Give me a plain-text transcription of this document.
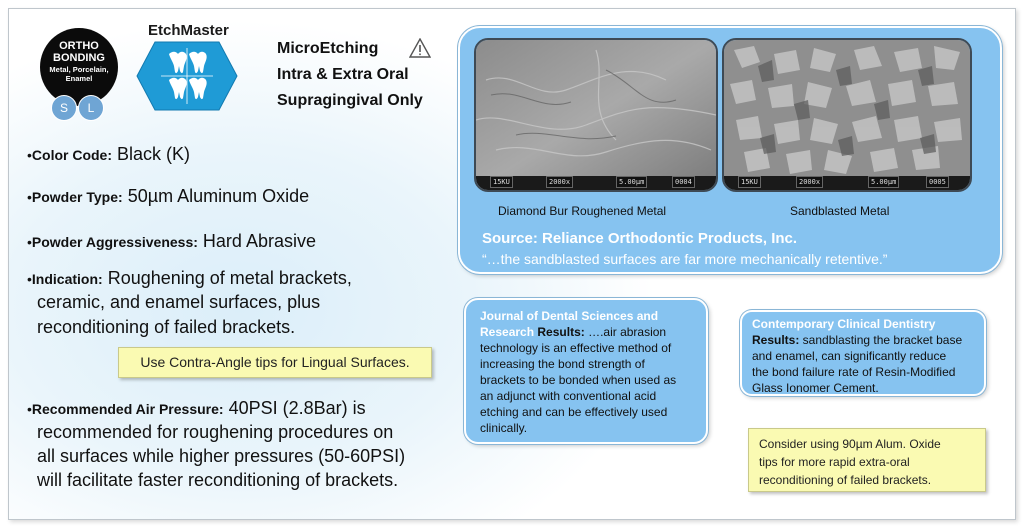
ORTHO
BONDING
Metal, Porcelain, Enamel
S	L
EtchMaster
MicroEtching
Intra & Extra Oral
Supragingival Only
•Color Code: Black (K)
•Powder Type: 50µm Aluminum Oxide
•Powder Aggressiveness: Hard Abrasive
•Indication: Roughening of metal brackets,
ceramic, and enamel surfaces, plus
reconditioning of failed brackets.
Use Contra-Angle tips for Lingual Surfaces.
•Recommended Air Pressure: 40PSI (2.8Bar) is
recommended for roughening procedures on
all surfaces while higher pressures (50-60PSI)
will facilitate faster reconditioning of brackets.
15KU	2000x	5.00µm	0004	15KU	2000x	5.00µm	0005
Diamond Bur Roughened Metal	Sandblasted Metal
Source: Reliance Orthodontic Products, Inc.
“…the sandblasted surfaces are far more mechanically retentive.”
Journal of Dental Sciences and
Research Results: ….air abrasion
technology is an effective method of
increasing the bond strength of
brackets to be bonded when used as
an adjunct with conventional acid
etching and can be effectively used
clinically.
Contemporary Clinical Dentistry
Results: sandblasting the bracket base
and enamel, can significantly reduce
the bond failure rate of Resin-Modified
Glass Ionomer Cement.
Consider using 90µm Alum. Oxide
tips for more rapid extra-oral
reconditioning of failed brackets.
